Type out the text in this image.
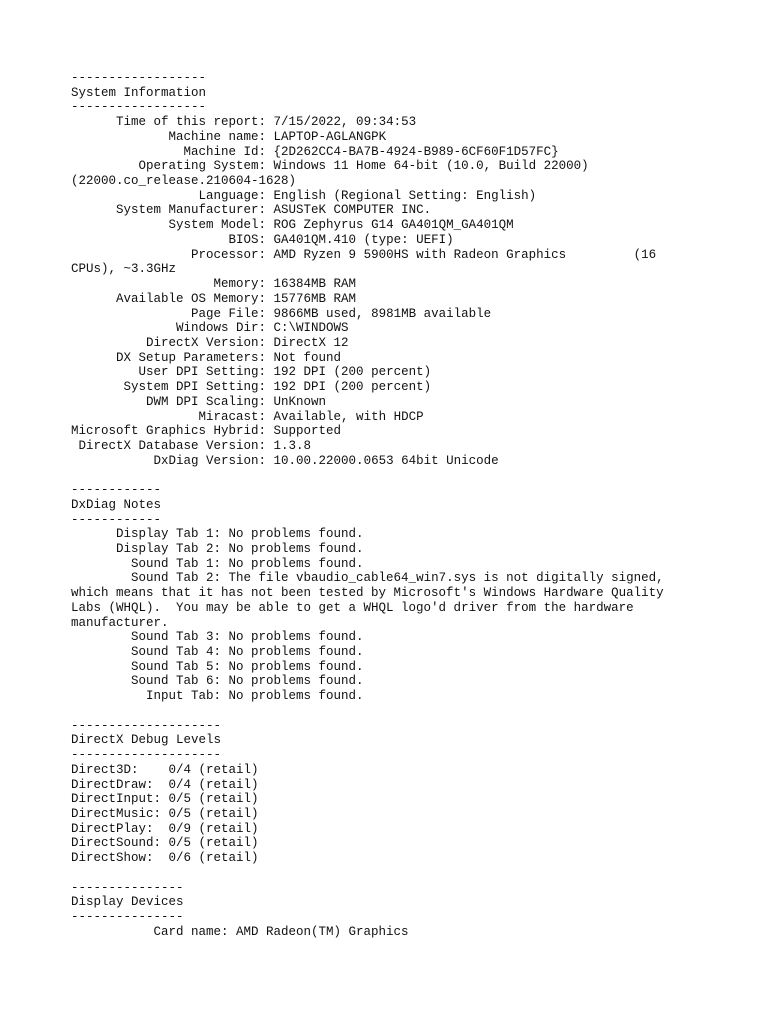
------------------
System Information
------------------
Time of this report: 7/15/2022, 09:34:53
Machine name: LAPTOP-AGLANGPK
Machine Id: {2D262CC4-BA7B-4924-B989-6CF60F1D57FC}
Operating System: Windows 11 Home 64-bit (10.0, Build 22000)
(22000.co_release.210604-1628)
Language: English (Regional Setting: English)
System Manufacturer: ASUSTeK COMPUTER INC.
System Model: ROG Zephyrus G14 GA401QM_GA401QM
BIOS: GA401QM.410 (type: UEFI)
Processor: AMD Ryzen 9 5900HS with Radeon Graphics         (16
CPUs), ~3.3GHz
Memory: 16384MB RAM
Available OS Memory: 15776MB RAM
Page File: 9866MB used, 8981MB available
Windows Dir: C:\WINDOWS
DirectX Version: DirectX 12
DX Setup Parameters: Not found
User DPI Setting: 192 DPI (200 percent)
System DPI Setting: 192 DPI (200 percent)
DWM DPI Scaling: UnKnown
Miracast: Available, with HDCP
Microsoft Graphics Hybrid: Supported
DirectX Database Version: 1.3.8
DxDiag Version: 10.00.22000.0653 64bit Unicode
------------
DxDiag Notes
------------
Display Tab 1: No problems found.
Display Tab 2: No problems found.
Sound Tab 1: No problems found.
Sound Tab 2: The file vbaudio_cable64_win7.sys is not digitally signed,
which means that it has not been tested by Microsoft's Windows Hardware Quality
Labs (WHQL).  You may be able to get a WHQL logo'd driver from the hardware
manufacturer.
Sound Tab 3: No problems found.
Sound Tab 4: No problems found.
Sound Tab 5: No problems found.
Sound Tab 6: No problems found.
Input Tab: No problems found.
--------------------
DirectX Debug Levels
--------------------
Direct3D:    0/4 (retail)
DirectDraw:  0/4 (retail)
DirectInput: 0/5 (retail)
DirectMusic: 0/5 (retail)
DirectPlay:  0/9 (retail)
DirectSound: 0/5 (retail)
DirectShow:  0/6 (retail)
---------------
Display Devices
---------------
Card name: AMD Radeon(TM) Graphics
